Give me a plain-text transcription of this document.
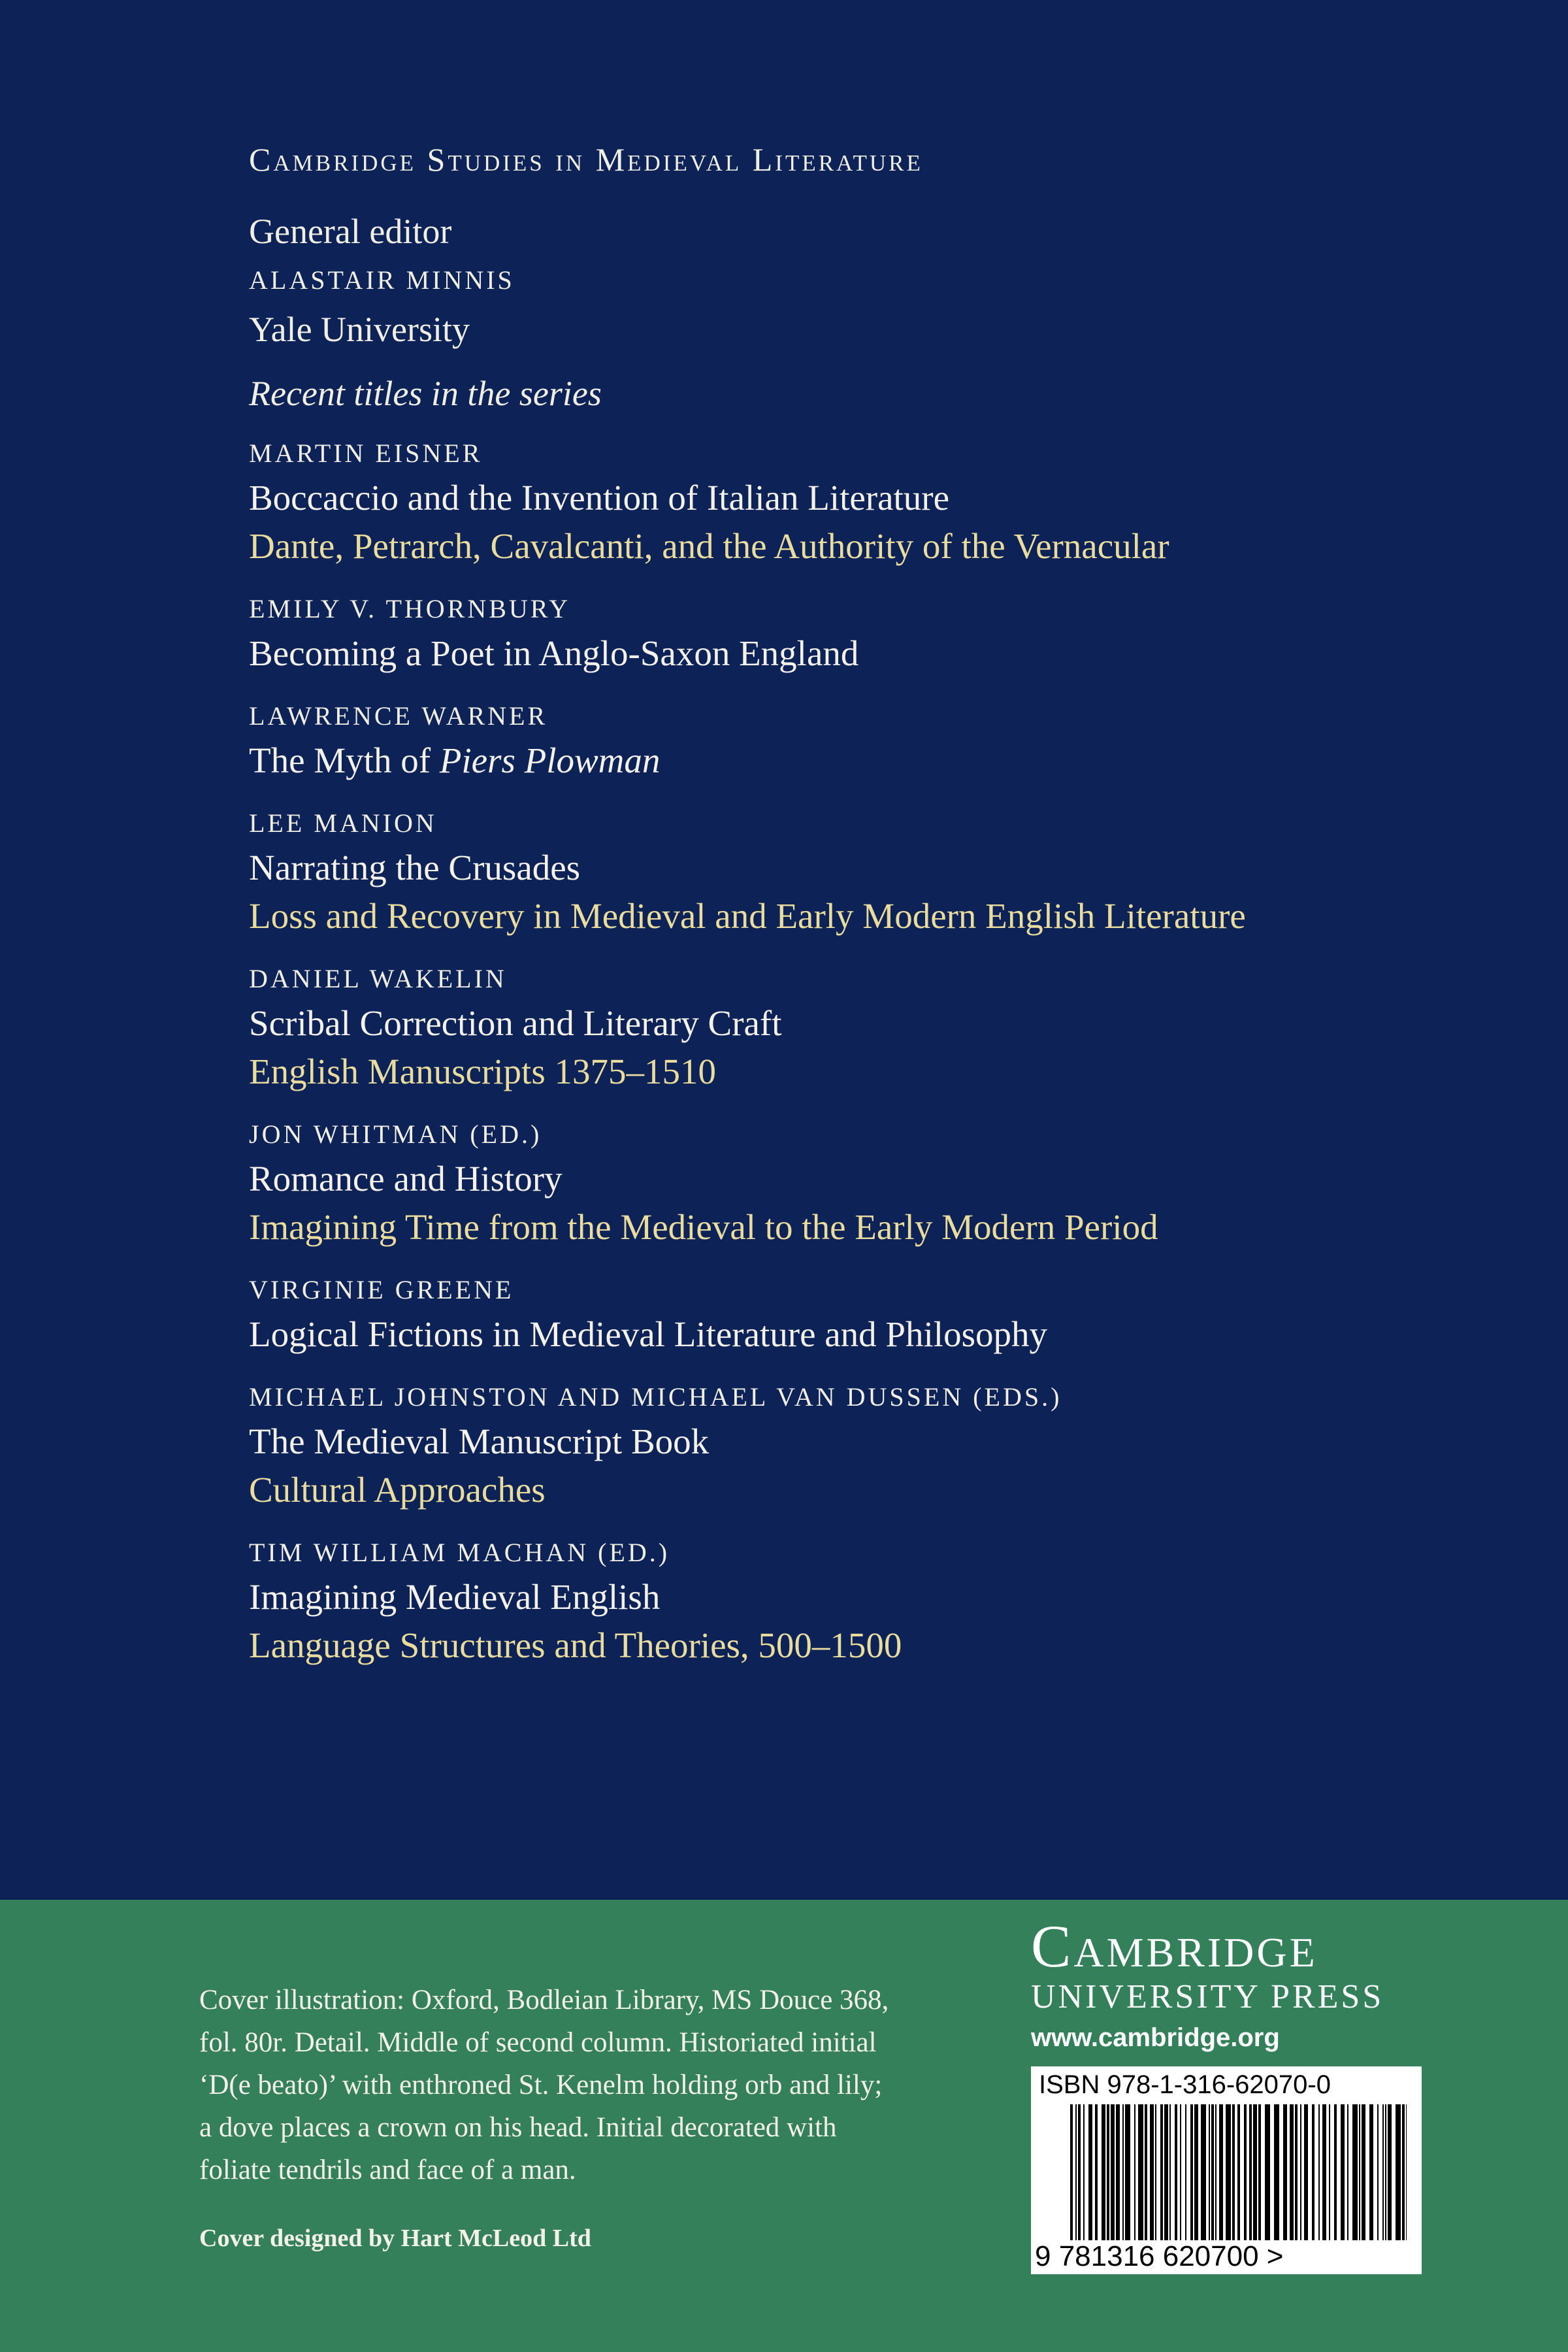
Cambridge Studies in Medieval Literature
General editor
ALASTAIR MINNIS
Yale University
Recent titles in the series
MARTIN EISNER
Boccaccio and the Invention of Italian Literature
Dante, Petrarch, Cavalcanti, and the Authority of the Vernacular
EMILY V. THORNBURY
Becoming a Poet in Anglo-Saxon England
LAWRENCE WARNER
The Myth of Piers Plowman
LEE MANION
Narrating the Crusades
Loss and Recovery in Medieval and Early Modern English Literature
DANIEL WAKELIN
Scribal Correction and Literary Craft
English Manuscripts 1375–1510
JON WHITMAN (ED.)
Romance and History
Imagining Time from the Medieval to the Early Modern Period
VIRGINIE GREENE
Logical Fictions in Medieval Literature and Philosophy
MICHAEL JOHNSTON AND MICHAEL VAN DUSSEN (EDS.)
The Medieval Manuscript Book
Cultural Approaches
TIM WILLIAM MACHAN (ED.)
Imagining Medieval English
Language Structures and Theories, 500–1500

Cover illustration: Oxford, Bodleian Library, MS Douce 368,
fol. 80r. Detail. Middle of second column. Historiated initial
‘D(e beato)’ with enthroned St. Kenelm holding orb and lily;
a dove places a crown on his head. Initial decorated with
foliate tendrils and face of a man.

Cover designed by Hart McLeod Ltd
Cambridge
UNIVERSITY PRESS
www.cambridge.org
ISBN 978-1-316-62070-0
9 781316 620700 >
